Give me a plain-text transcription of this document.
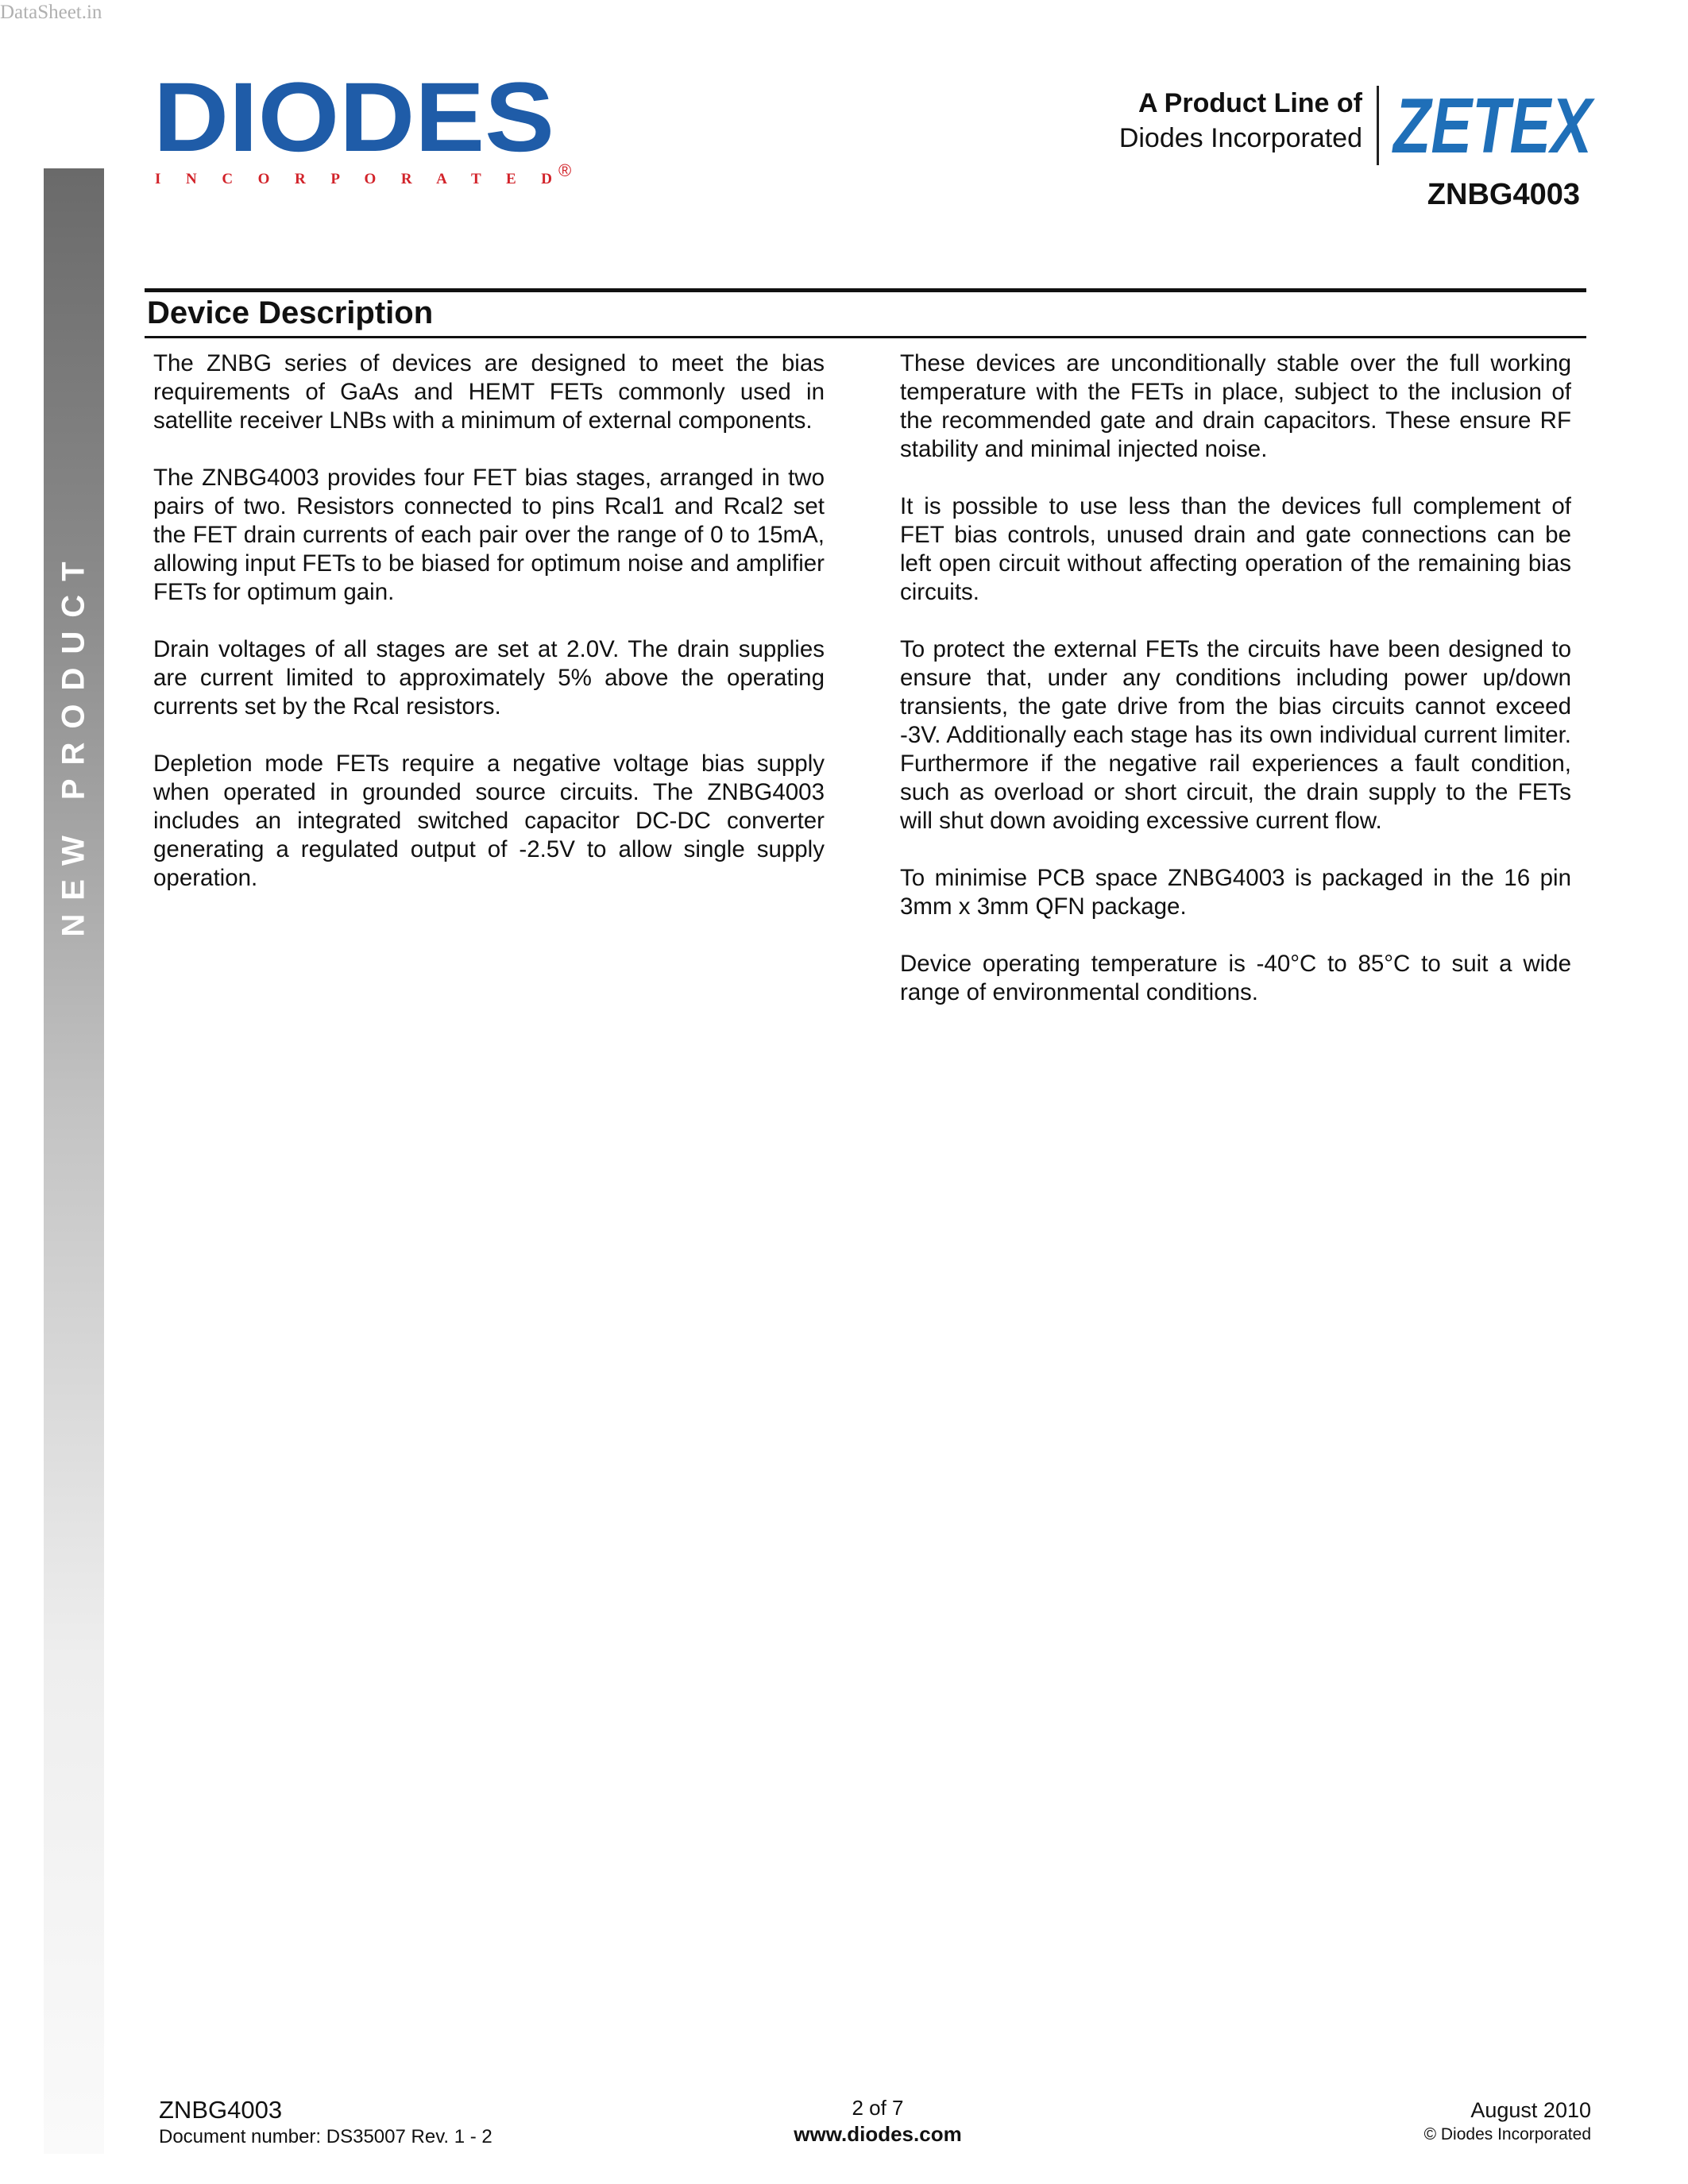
DataSheet.in
NEW PRODUCT
DIODES
I N C O R P O R A T E D ®
A Product Line of
Diodes Incorporated ZETEX
ZNBG4003
Device Description

The ZNBG series of devices are designed to meet the bias requirements of GaAs and HEMT FETs commonly used in satellite receiver LNBs with a minimum of external components.

The ZNBG4003 provides four FET bias stages, arranged in two pairs of two. Resistors connected to pins Rcal1 and Rcal2 set the FET drain currents of each pair over the range of 0 to 15mA, allowing input FETs to be biased for optimum noise and amplifier FETs for optimum gain.

Drain voltages of all stages are set at 2.0V. The drain supplies are current limited to approximately 5% above the operating currents set by the Rcal resistors.

Depletion mode FETs require a negative voltage bias supply when operated in grounded source circuits. The ZNBG4003 includes an integrated switched capacitor DC-DC converter generating a regulated output of -2.5V to allow single supply operation.

These devices are unconditionally stable over the full working temperature with the FETs in place, subject to the inclusion of the recommended gate and drain capacitors. These ensure RF stability and minimal injected noise.

It is possible to use less than the devices full complement of FET bias controls, unused drain and gate connections can be left open circuit without affecting operation of the remaining bias circuits.

To protect the external FETs the circuits have been designed to ensure that, under any conditions including power up/down transients, the gate drive from the bias circuits cannot exceed -3V. Additionally each stage has its own individual current limiter. Furthermore if the negative rail experiences a fault condition, such as overload or short circuit, the drain supply to the FETs will shut down avoiding excessive current flow.

To minimise PCB space ZNBG4003 is packaged in the 16 pin 3mm x 3mm QFN package.

Device operating temperature is -40°C to 85°C to suit a wide range of environmental conditions.

ZNBG4003
Document number: DS35007 Rev. 1 - 2
2 of 7
www.diodes.com
August 2010
© Diodes Incorporated
